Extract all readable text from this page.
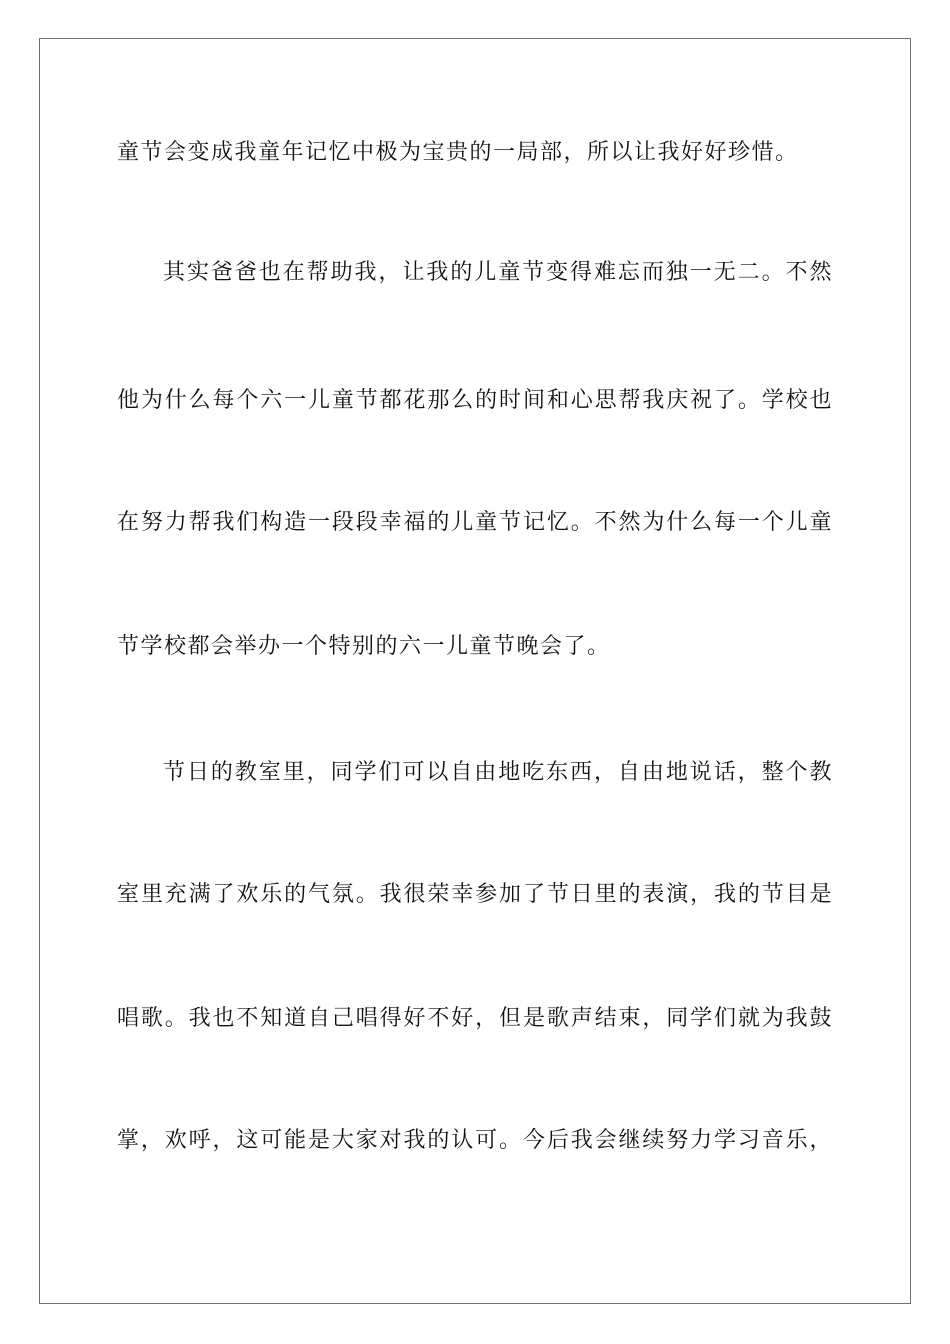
童节会变成我童年记忆中极为宝贵的一局部，所以让我好好珍惜。
其实爸爸也在帮助我，让我的儿童节变得难忘而独一无二。不然
他为什么每个六一儿童节都花那么的时间和心思帮我庆祝了。学校也
在努力帮我们构造一段段幸福的儿童节记忆。不然为什么每一个儿童
节学校都会举办一个特别的六一儿童节晚会了。
节日的教室里，同学们可以自由地吃东西，自由地说话，整个教
室里充满了欢乐的气氛。我很荣幸参加了节日里的表演，我的节目是
唱歌。我也不知道自己唱得好不好，但是歌声结束，同学们就为我鼓
掌，欢呼，这可能是大家对我的认可。今后我会继续努力学习音乐，
